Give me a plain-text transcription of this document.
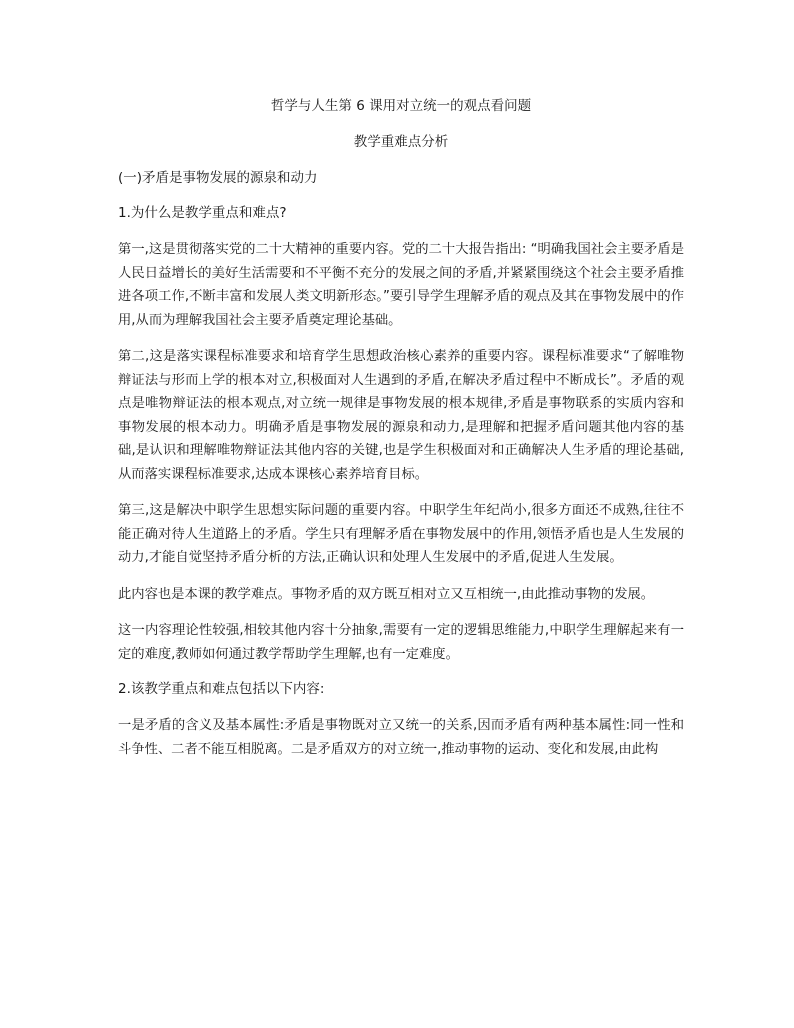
哲学与人生第 6 课用对立统一的观点看问题
教学重难点分析
(一)矛盾是事物发展的源泉和动力
1.为什么是教学重点和难点?

第一,这是贯彻落实党的二十大精神的重要内容。党的二十大报告指出: “明确我国社会主要矛盾是人民日益增长的美好生活需要和不平衡不充分的发展之间的矛盾,并紧紧围绕这个社会主要矛盾推进各项工作,不断丰富和发展人类文明新形态。”要引导学生理解矛盾的观点及其在事物发展中的作用,从而为理解我国社会主要矛盾奠定理论基础。

第二,这是落实课程标准要求和培育学生思想政治核心素养的重要内容。课程标准要求“了解唯物辩证法与形而上学的根本对立,积极面对人生遇到的矛盾,在解决矛盾过程中不断成长”。矛盾的观点是唯物辩证法的根本观点,对立统一规律是事物发展的根本规律,矛盾是事物联系的实质内容和事物发展的根本动力。明确矛盾是事物发展的源泉和动力,是理解和把握矛盾问题其他内容的基础,是认识和理解唯物辩证法其他内容的关键,也是学生积极面对和正确解决人生矛盾的理论基础,从而落实课程标准要求,达成本课核心素养培育目标。

第三,这是解决中职学生思想实际问题的重要内容。中职学生年纪尚小,很多方面还不成熟,往往不能正确对待人生道路上的矛盾。学生只有理解矛盾在事物发展中的作用,领悟矛盾也是人生发展的动力,才能自觉坚持矛盾分析的方法,正确认识和处理人生发展中的矛盾,促进人生发展。

此内容也是本课的教学难点。事物矛盾的双方既互相对立又互相统一,由此推动事物的发展。

这一内容理论性较强,相较其他内容十分抽象,需要有一定的逻辑思维能力,中职学生理解起来有一定的难度,教师如何通过教学帮助学生理解,也有一定难度。

2.该教学重点和难点包括以下内容:

一是矛盾的含义及基本属性:矛盾是事物既对立又统一的关系,因而矛盾有两种基本属性:同一性和斗争性、二者不能互相脱离。二是矛盾双方的对立统一,推动事物的运动、变化和发展,由此构
